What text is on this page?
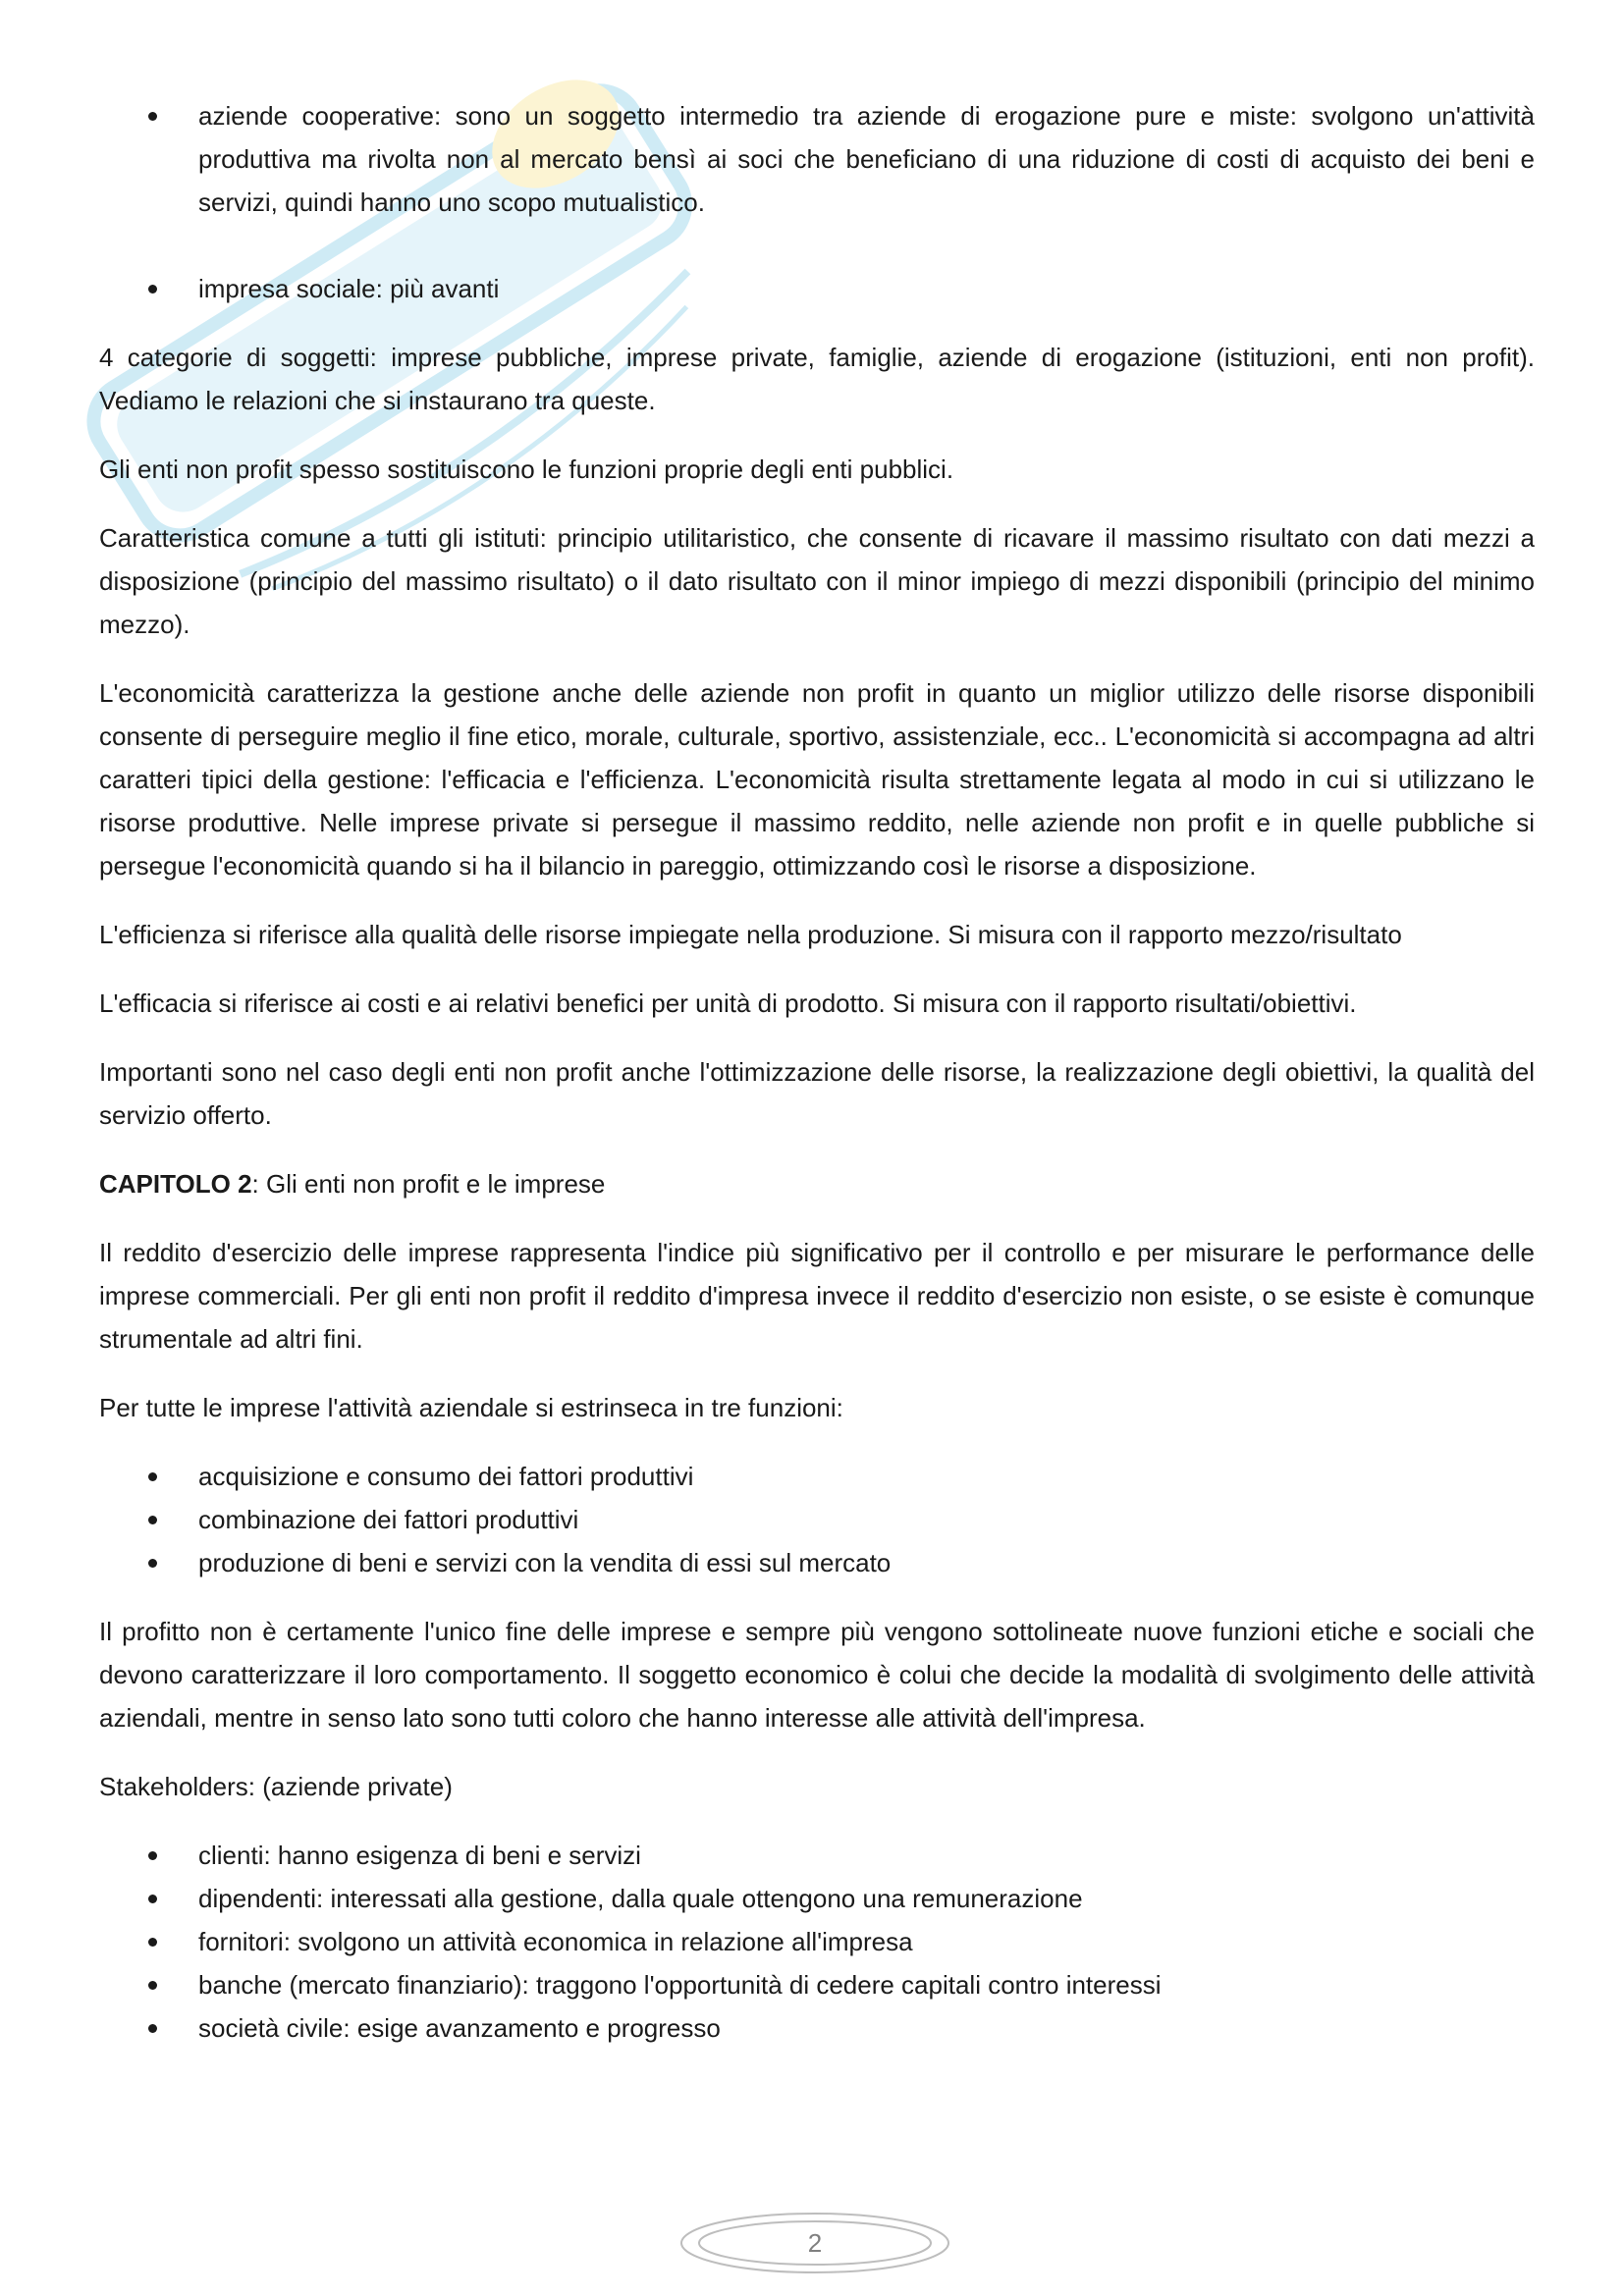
aziende cooperative: sono un soggetto intermedio tra aziende di erogazione pure e miste: svolgono un'attività produttiva ma rivolta non al mercato bensì ai soci che beneficiano di una riduzione di costi di acquisto dei beni e servizi, quindi hanno uno scopo mutualistico.
impresa sociale: più avanti

4 categorie di soggetti: imprese pubbliche, imprese private, famiglie, aziende di erogazione (istituzioni, enti non profit). Vediamo le relazioni che si instaurano tra queste.

Gli enti non profit spesso sostituiscono le funzioni proprie degli enti pubblici.

Caratteristica comune a tutti gli istituti: principio utilitaristico, che consente di ricavare il massimo risultato con dati mezzi a disposizione (principio del massimo risultato) o il dato risultato con il minor impiego di mezzi disponibili (principio del minimo mezzo).

L'economicità caratterizza la gestione anche delle aziende non profit in quanto un miglior utilizzo delle risorse disponibili consente di perseguire meglio il fine etico, morale, culturale, sportivo, assistenziale, ecc.. L'economicità si accompagna ad altri caratteri tipici della gestione: l'efficacia e l'efficienza. L'economicità risulta strettamente legata al modo in cui si utilizzano le risorse produttive. Nelle imprese private si persegue il massimo reddito, nelle aziende non profit e in quelle pubbliche si persegue l'economicità quando si ha il bilancio in pareggio, ottimizzando così le risorse a disposizione.

L'efficienza si riferisce alla qualità delle risorse impiegate nella produzione. Si misura con il rapporto mezzo/risultato

L'efficacia si riferisce ai costi e ai relativi benefici per unità di prodotto. Si misura con il rapporto risultati/obiettivi.

Importanti sono nel caso degli enti non profit anche l'ottimizzazione delle risorse, la realizzazione degli obiettivi, la qualità del servizio offerto.

CAPITOLO 2: Gli enti non profit e le imprese

Il reddito d'esercizio delle imprese rappresenta l'indice più significativo per il controllo e per misurare le performance delle imprese commerciali. Per gli enti non profit il reddito d'impresa invece il reddito d'esercizio non esiste, o se esiste è comunque strumentale ad altri fini.

Per tutte le imprese l'attività aziendale si estrinseca in tre funzioni:

acquisizione e consumo dei fattori produttivi
combinazione dei fattori produttivi
produzione di beni e servizi con la vendita di essi sul mercato

Il profitto non è certamente l'unico fine delle imprese e sempre più vengono sottolineate nuove funzioni etiche e sociali che devono caratterizzare il loro comportamento. Il soggetto economico è colui che decide la modalità di svolgimento delle attività aziendali, mentre in senso lato sono tutti coloro che hanno interesse alle attività dell'impresa.

Stakeholders: (aziende private)

clienti: hanno esigenza di beni e servizi
dipendenti: interessati alla gestione, dalla quale ottengono una remunerazione
fornitori: svolgono un attività economica in relazione all'impresa
banche (mercato finanziario): traggono l'opportunità di cedere capitali contro interessi
società civile: esige avanzamento e progresso
2
